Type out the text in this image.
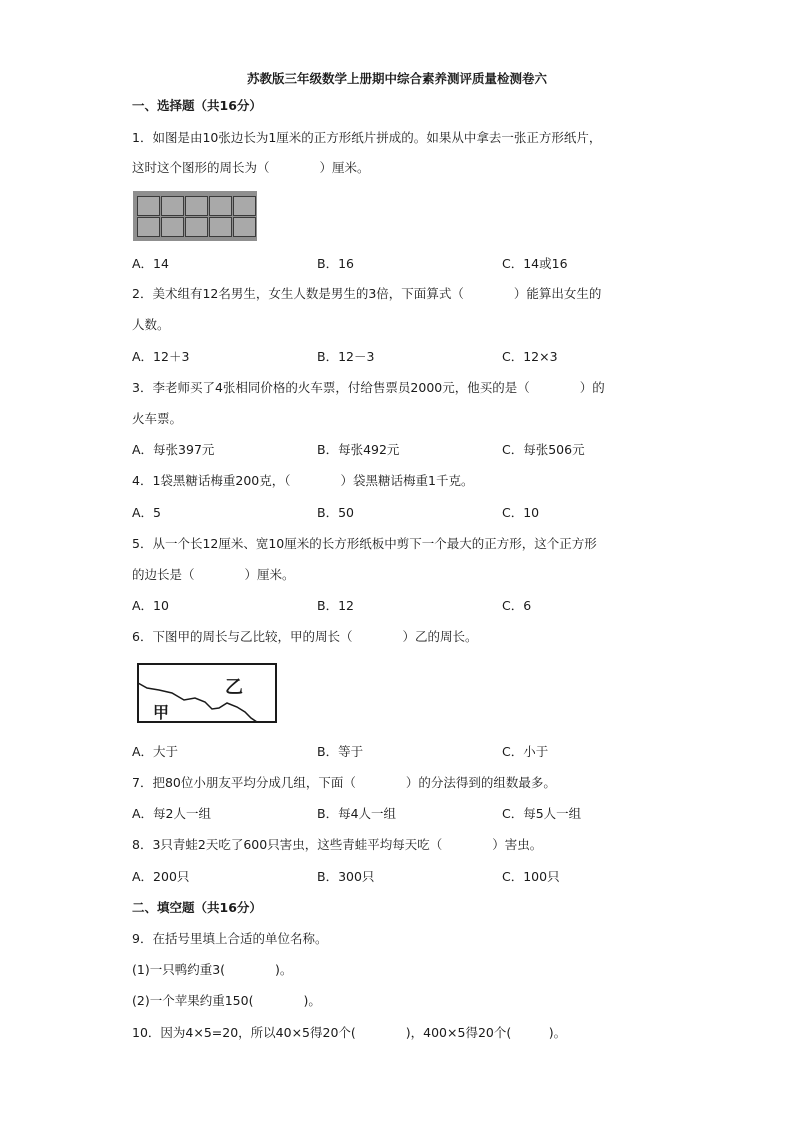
苏教版三年级数学上册期中综合素养测评质量检测卷六
一、选择题（共16分）
1．如图是由10张边长为1厘米的正方形纸片拼成的。如果从中拿去一张正方形纸片，
这时这个图形的周长为（　　　　）厘米。
A．14	B．16	C．14或16
2．美术组有12名男生，女生人数是男生的3倍，下面算式（　　　　）能算出女生的
人数。
A．12＋3	B．12－3	C．12×3
3．李老师买了4张相同价格的火车票，付给售票员2000元，他买的是（　　　　）的
火车票。
A．每张397元	B．每张492元	C．每张506元
4．1袋黑糖话梅重200克，（　　　　）袋黑糖话梅重1千克。
A．5	B．50	C．10
5．从一个长12厘米、宽10厘米的长方形纸板中剪下一个最大的正方形，这个正方形
的边长是（　　　　）厘米。
A．10	B．12	C．6
6．下图甲的周长与乙比较，甲的周长（　　　　）乙的周长。
乙
甲
A．大于	B．等于	C．小于
7．把80位小朋友平均分成几组，下面（　　　　）的分法得到的组数最多。
A．每2人一组	B．每4人一组	C．每5人一组
8．3只青蛙2天吃了600只害虫，这些青蛙平均每天吃（　　　　）害虫。
A．200只	B．300只	C．100只
二、填空题（共16分）
9．在括号里填上合适的单位名称。
(1)一只鸭约重3(　　　　)。
(2)一个苹果约重150(　　　　)。
10．因为4×5=20，所以40×5得20个(　　　　)，400×5得20个(　　　)。
